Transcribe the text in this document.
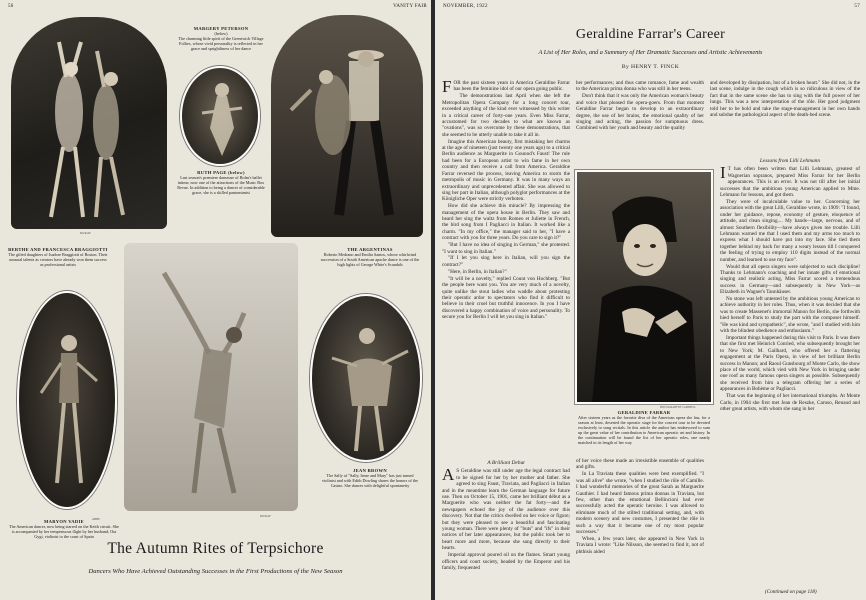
56	VANITY FAIR
MURAY
MARGERY PETERSON
(below)
The charming little spirit of the Greenwich Village Follies, whose vivid personality is reflected in her grace and sprightliness of her dance
RUTH PAGE (below)
Last season's premiere danseuse of Bolm's ballet intime, now one of the attractions of the Music Box Revue. In addition to being a dancer of considerable grace, she is a skilled pantomimist
BERTHE AND FRANCESCA BRAGGIOTTI
The gifted daughters of Isadore Braggiotti of Boston. Their unusual talents as creators have already won them success as professional artists
THE ARGENTINAS
Roberto Medrano and Emilia Santos, whose whirlwind succession of a South American apache dance is one of the high lights of George White's Scandals
ABBE
MURAY
JEAN BROWN
The Sally of "Sally, Irene and Mary" has just turned violinist and with Edith Dowling shares the honors of the Casino. She dances with delightful spontaneity
MARYON VADIE
The American dancer, now being starred on the Keith circuit. She is accompanied by her tempestuous flight by her husband, Ota Gygi, violinist to the court of Spain
The Autumn Rites of Terpsichore
Dancers Who Have Achieved Outstanding Successes in the First Productions of the New Season
NOVEMBER, 1922	57
Geraldine Farrar's Career
A List of Her Roles, and a Summary of Her Dramatic Successes and Artistic Achievements
By HENRY T. FINCK

FOR the past sixteen years in America Geraldine Farrar has been the feminine idol of our opera going public.

The demonstrations last April when she left the Metropolitan Opera Company for a long concert tour, exceeded anything of the kind ever witnessed by this writer in a critical career of forty-one years. Even Miss Farrar, accustomed for two decades to what are known as "ovations", was so overcome by these demonstrations, that she seemed to be utterly unable to take it all in.

Imagine this American beauty, first mistaking her charms at the age of nineteen (just twenty one years ago) to a critical Berlin audience as Marguerite in Gounod's Faust! The rule had been for a European artist to win fame in her own country and then receive a call from America. Geraldine Farrar reversed the process, leaving America to storm the metropolis of music in Germany. It was in many ways an extraordinary and unprecedented affair. She was allowed to sing her part in Italian, although polyglot performances at the Königliche Oper were strictly verboten.

How did she achieve this miracle? By impressing the management of the opera house in Berlin. They saw and heard her sing the waltz from Romeo et Juliette in French, the bird song from I Pagliacci in Italian. It worked like a charm. "In my office," the manager said to her, "I have a contract with you for three years. Do you care to sign it?"

"But I have no idea of singing in German," she protested. "I want to sing in Italian."

"If I let you sing here in Italian, will you sign the contract?"

"Here, in Berlin, in Italian?"

"It will be a novelty," replied Count von Hochberg. "But the people here want you. You are very much of a novelty, quite unlike the stout ladies who waddle about protesting their operatic ardor to spectators who find it difficult to believe in their cruel but truthful innocence. In you I have discovered a happy combination of voice and personality. To secure you for Berlin I will let you sing in Italian."

A Brilliant Debut

A S Geraldine was still under age the legal contract had to be signed for her by her mother and father. She agreed to sing Faust, Traviata, and Pagliacci in Italian and in the meantime learn the German language for future use. Then on October 15, 1901, came her brilliant début as a Marguerite who was neither the fat forty—and the newspapers echoed the joy of the audience over this discovery. Not that the critics dwelled on her voice or figure; but they were pleased to see a beautiful and fascinating young woman. There were plenty of "buts" and "ifs" in their notices of her later appearances, but the public took her to heart more and more, because she sang directly to their hearts.

Imperial approval poured oil on the flames. Smart young officers and court society, headed by the Emperor and his family, frequented

her performances; and thus came romance, fame and wealth to the American prima donna who was still in her teens.

Don't think that it was only the American woman's beauty and voice that pleased the opera-goers. From that moment Geraldine Farrar began to develop to an extraordinary degree, the use of her brains, the emotional quality of her singing and acting, the passion for sumptuous dress. Combined with her youth and beauty and the quality

and developed by dissipation, but of a broken heart." She did not, in the last scene, indulge in the cough which is so ridiculous in view of the fact that in the same scene she has to sing with the full power of her lungs. This was a new interpretation of the rôle. Her good judgment told her to be bold and take the stage-management in her own hands and subdue the pathological aspect of the death-bed scene.

PHOTOGRAPH BY CAMPBELL
GERALDINE FARRAR

After sixteen years as the favorite diva of the American opera she has, for a season at least, deserted the operatic stage for the concert tour to be devoted exclusively to song recitals. In this article the author has endeavored to sum up the great value of her contribution to American operatic art and history. In the continuation will be found the list of her operatic roles, one nearly matched in its length of her way

of her voice these made an irresistible ensemble of qualities and gifts.

In La Traviata these qualities were best exemplified. "I was all alive" she wrote, "when I studied the rôle of Camille. I had wonderful memories of the great Sarah as Marguerite Gauthier. I had heard famous prima donnas in Traviata, but few, other than the emotional Bellincioni had ever successfully acted the operatic heroine. I was allowed to eliminate much of the stilted traditional setting, and, with modern scenery and new costumes, I presented the rôle in such a way that it became one of my most popular successes."

When, a few years later, she appeared in New York in Traviata I wrote: "Like Nilsson, she seemed to find it, not of phthisis aided

Lessons from Lilli Lehmann

I T has often been written that Lilli Lehmann, greatest of Wagnerian sopranos, prepared Miss Farrar for her Berlin appearances. This is an error. It was not till after her initial successes that the ambitious young American applied to Mme. Lehmann for lessons, and got them.

They were of incalculable value to her. Concerning her association with the great Lilli, Geraldine wrote, in 1909: "I found, under her guidance, repose, economy of gesture, eloquence of attitude, and clean singing.... My hands—large, nervous, and of almost Southern flexibility—have always given me trouble. Lilli Lehmann warned me that I used them and my arms too much to express what I should have put into my face. She tied them together behind my back for many a weary lesson till I conquered the feeling of trying to employ 110 digits instead of the normal number, and learned to use my face".

Would that all opera singers were subjected to such discipline! Thanks to Lehmann's coaching and her innate gifts of emotional singing and realistic acting, Miss Farrar scored a tremendous success in Germany—and subsequently in New York—as Elizabeth in Wagner's Tannhäuser.

No stone was left untested by the ambitious young American to achieve authority in her roles. Thus, when it was decided that she was to create Massenet's immortal Manon for Berlin, she forthwith hied herself to Paris to study the part with the composer himself. "He was kind and sympathetic", she wrote, "and I studied with him with the blindest obedience and enthusiasm."

Important things happened during this visit to Paris. It was there that she first met Heinrich Conried, who subsequently brought her to New York; M. Gailhard, who offered her a flattering engagement at the Paris Opera, in view of her brilliant Berlin success in Manon; and Raoul Gunsbourg of Monte Carlo, the show place of the world, which vied with New York in bringing under one roof as many famous opera singers as possible. Subsequently she received from him a telegram offering her a series of appearances in Bohème or Pagliacci.

That was the beginning of her international triumphs. At Monte Carlo, in 1904 she first met Jean de Reszke, Caruso, Renaud and other great artists, with whom she sang in her

(Continued on page 118)
